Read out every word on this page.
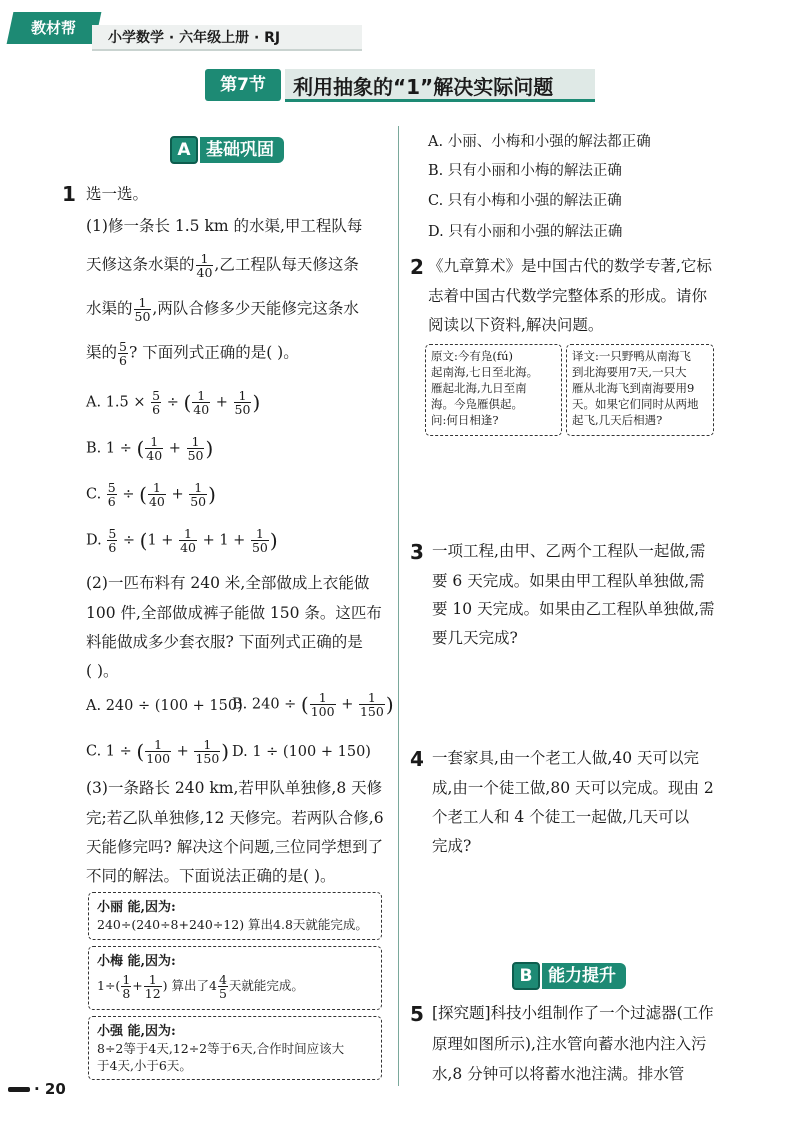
教材帮
小学数学 · 六年级上册 · RJ
第7节	利用抽象的“1”解决实际问题
A 基础巩固
1 选一选。
(1)修一条长 1.5 km 的水渠,甲工程队每
天修这条水渠的 $\frac{1}{40}$ ,乙工程队每天修这条
水渠的 $\frac{1}{50}$ ,两队合修多少天能修完这条水
渠的 $\frac{5}{6}$ ? 下面列式正确的是( )。
A. $1.5 \times \frac{5}{6}$ ÷ ( $\frac{1}{40} + \frac{1}{50}$ )
B. 1 ÷ ( $\frac{1}{40} + \frac{1}{50}$ )
C. $\frac{5}{6}$ ÷ ( $\frac{1}{40} + \frac{1}{50}$ )
D. $\frac{5}{6} \div (1 + \frac{1}{40} + 1 + \frac{1}{50}$ )
(2)一匹布料有 240 米,全部做成上衣能做
100 件,全部做成裤子能做 150 条。这匹布
料能做成多少套衣服? 下面列式正确的是
( )。
A. 240 ÷ (100 + 150)
B. 240 ÷ ( $\frac{1}{100} + \frac{1}{150}$ )
C. 1 ÷ ( $\frac{1}{100} + \frac{1}{150}$ ) D. 1 ÷ (100 + 150)
(3)一条路长 240 km,若甲队单独修,8 天修
完;若乙队单独修,12 天修完。若两队合修,6
天能修完吗? 解决这个问题,三位同学想到了
不同的解法。下面说法正确的是( )。
小丽 能,因为:
240÷(240÷8+240÷12) 算出4.8天就能完成。
小梅 能,因为:
$1\div( \frac{1}{8} + \frac{1}{12}$ ) 算出了$4 \frac{4}{5}$ 天就能完成。
小强 能,因为:
8÷2等于4天,12÷2等于6天,合作时间应该大
于4天,小于6天。
A. 小丽、小梅和小强的解法都正确
B. 只有小丽和小梅的解法正确
C. 只有小梅和小强的解法正确
D. 只有小丽和小强的解法正确
2 《九章算术》是中国古代的数学专著,它标
志着中国古代数学完整体系的形成。请你
阅读以下资料,解决问题。
原文:今有凫(fú)
起南海,七日至北海。
雁起北海,九日至南
海。今凫雁俱起。
问:何日相逢?
译文:一只野鸭从南海飞
到北海要用7天,一只大
雁从北海飞到南海要用9
天。如果它们同时从两地
起飞,几天后相遇?
3 一项工程,由甲、乙两个工程队一起做,需
要 6 天完成。如果由甲工程队单独做,需
要 10 天完成。如果由乙工程队单独做,需
要几天完成?
4 一套家具,由一个老工人做,40 天可以完
成,由一个徒工做,80 天可以完成。现由 2
个老工人和 4 个徒工一起做,几天可以
完成?
B 能力提升
5 [探究题]科技小组制作了一个过滤器(工作
原理如图所示),注水管向蓄水池内注入污
水,8 分钟可以将蓄水池注满。排水管
· 20
